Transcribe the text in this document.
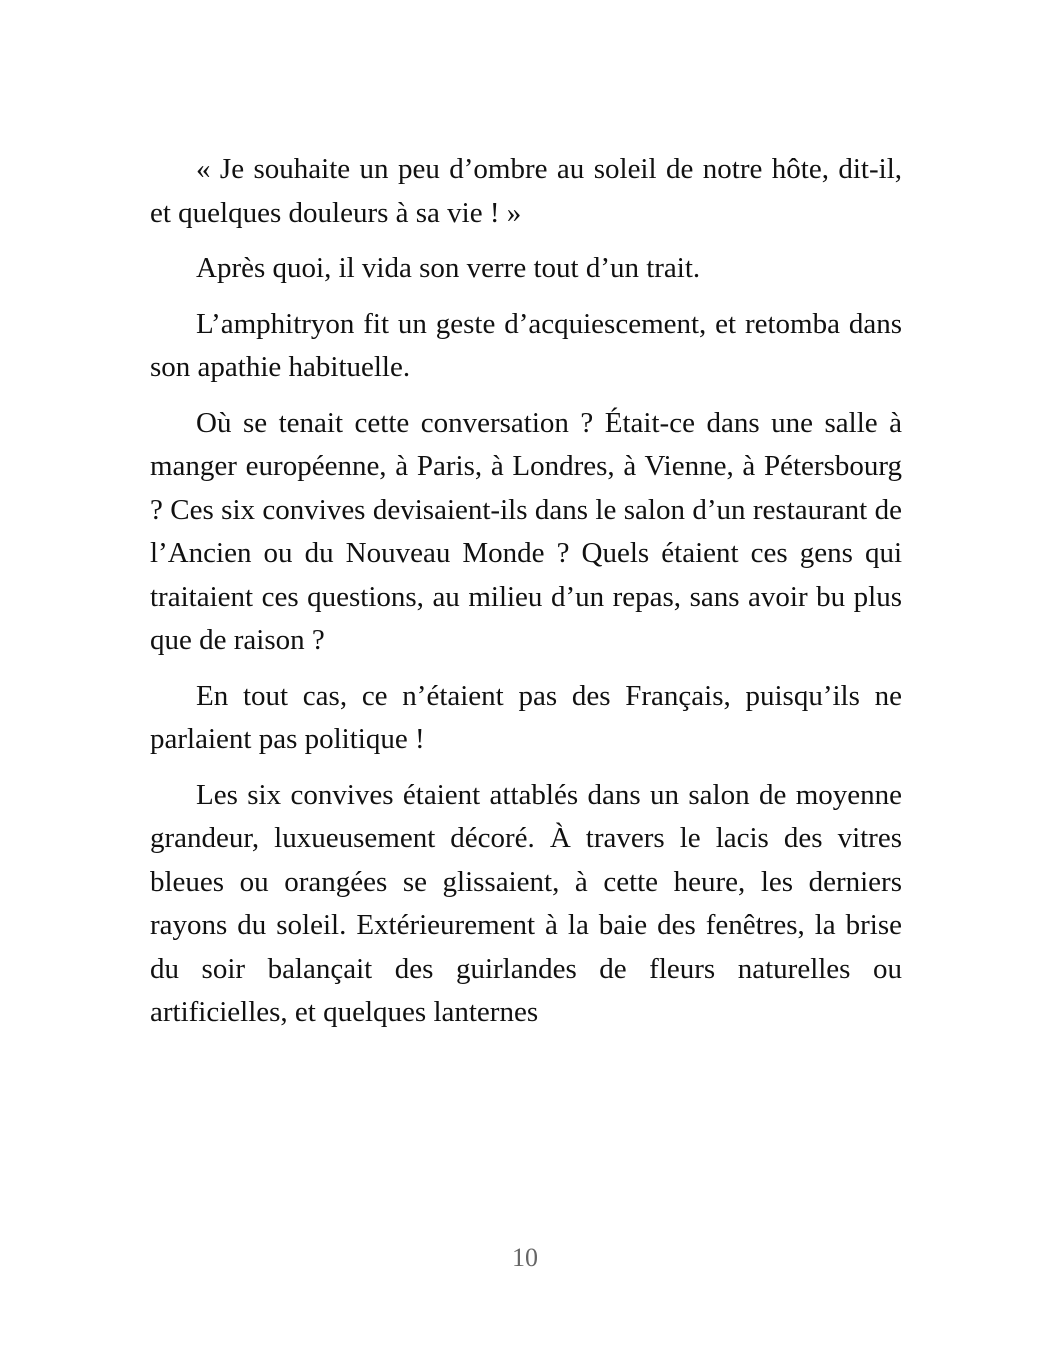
« Je souhaite un peu d’ombre au soleil de notre hôte, dit-il, et quelques douleurs à sa vie ! »

Après quoi, il vida son verre tout d’un trait.

L’amphitryon fit un geste d’acquiescement, et retomba dans son apathie habituelle.

Où se tenait cette conversation ? Était-ce dans une salle à manger européenne, à Paris, à Londres, à Vienne, à Pétersbourg ? Ces six convives devisaient-ils dans le salon d’un restaurant de l’Ancien ou du Nouveau Monde ? Quels étaient ces gens qui traitaient ces questions, au milieu d’un repas, sans avoir bu plus que de raison ?

En tout cas, ce n’étaient pas des Français, puisqu’ils ne parlaient pas politique !

Les six convives étaient attablés dans un salon de moyenne grandeur, luxueusement décoré. À travers le lacis des vitres bleues ou orangées se glissaient, à cette heure, les derniers rayons du soleil. Extérieurement à la baie des fenêtres, la brise du soir balançait des guirlandes de fleurs naturelles ou artificielles, et quelques lanternes

10
